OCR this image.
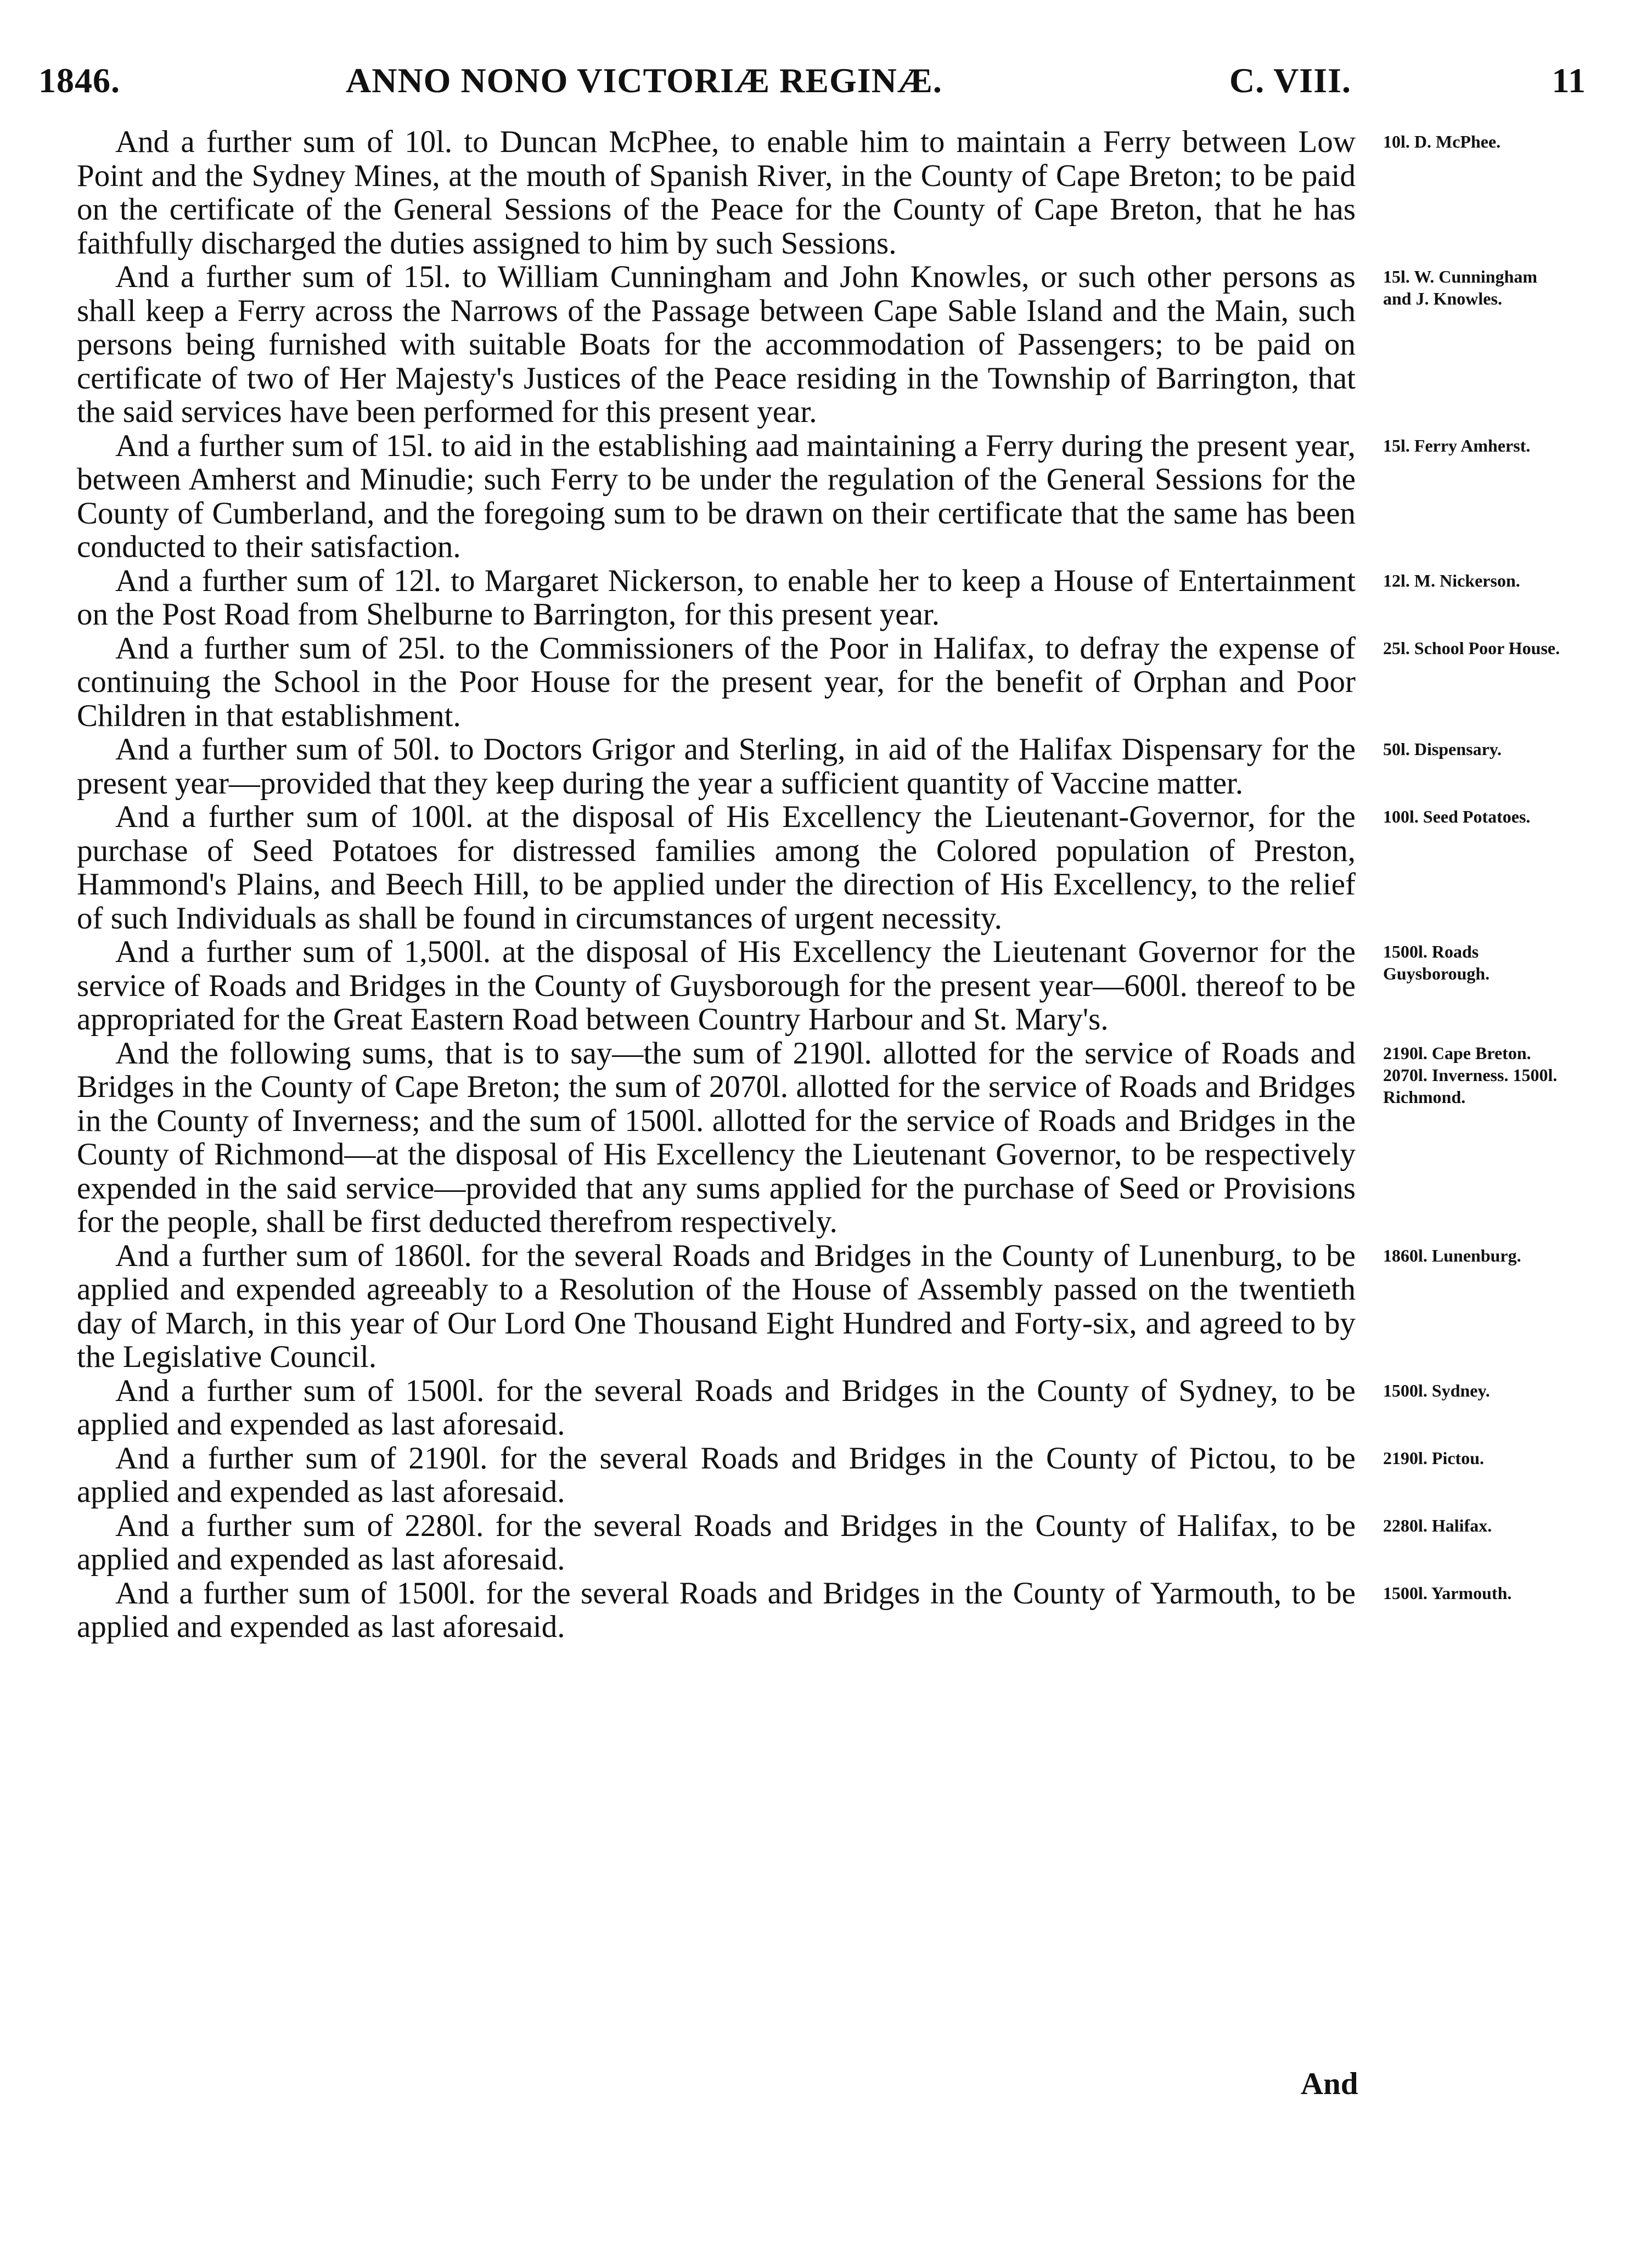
1846.	ANNO NONO VICTORIÆ REGINÆ.	C. VIII.	11

And a further sum of 10l. to Duncan McPhee, to enable him to maintain a Ferry between Low Point and the Sydney Mines, at the mouth of Spanish River, in the County of Cape Breton; to be paid on the certificate of the General Sessions of the Peace for the County of Cape Breton, that he has faithfully discharged the duties assigned to him by such Sessions.

10l. D. McPhee.

And a further sum of 15l. to William Cunningham and John Knowles, or such other persons as shall keep a Ferry across the Narrows of the Passage between Cape Sable Island and the Main, such persons being furnished with suitable Boats for the accommodation of Passengers; to be paid on certificate of two of Her Majesty's Justices of the Peace residing in the Township of Barrington, that the said services have been performed for this present year.

15l. W. Cunningham and J. Knowles.

And a further sum of 15l. to aid in the establishing aad maintaining a Ferry during the present year, between Amherst and Minudie; such Ferry to be under the regulation of the General Sessions for the County of Cumberland, and the foregoing sum to be drawn on their certificate that the same has been conducted to their satisfaction.

15l. Ferry Amherst.

And a further sum of 12l. to Margaret Nickerson, to enable her to keep a House of Entertainment on the Post Road from Shelburne to Barrington, for this present year.

12l. M. Nickerson.

And a further sum of 25l. to the Commissioners of the Poor in Halifax, to defray the expense of continuing the School in the Poor House for the present year, for the benefit of Orphan and Poor Children in that establishment.

25l. School Poor House.

And a further sum of 50l. to Doctors Grigor and Sterling, in aid of the Halifax Dispensary for the present year—provided that they keep during the year a sufficient quantity of Vaccine matter.

50l. Dispensary.

And a further sum of 100l. at the disposal of His Excellency the Lieutenant-Governor, for the purchase of Seed Potatoes for distressed families among the Colored population of Preston, Hammond's Plains, and Beech Hill, to be applied under the direction of His Excellency, to the relief of such Individuals as shall be found in circumstances of urgent necessity.

100l. Seed Potatoes.

And a further sum of 1,500l. at the disposal of His Excellency the Lieutenant Governor for the service of Roads and Bridges in the County of Guysborough for the present year—600l. thereof to be appropriated for the Great Eastern Road between Country Harbour and St. Mary's.

1500l. Roads Guysborough.

And the following sums, that is to say—the sum of 2190l. allotted for the service of Roads and Bridges in the County of Cape Breton; the sum of 2070l. allotted for the service of Roads and Bridges in the County of Inverness; and the sum of 1500l. allotted for the service of Roads and Bridges in the County of Richmond—at the disposal of His Excellency the Lieutenant Governor, to be respectively expended in the said service—provided that any sums applied for the purchase of Seed or Provisions for the people, shall be first deducted therefrom respectively.

2190l. Cape Breton. 2070l. Inverness. 1500l. Richmond.

And a further sum of 1860l. for the several Roads and Bridges in the County of Lunenburg, to be applied and expended agreeably to a Resolution of the House of Assembly passed on the twentieth day of March, in this year of Our Lord One Thousand Eight Hundred and Forty-six, and agreed to by the Legislative Council.

1860l. Lunenburg.

And a further sum of 1500l. for the several Roads and Bridges in the County of Sydney, to be applied and expended as last aforesaid.

1500l. Sydney.

And a further sum of 2190l. for the several Roads and Bridges in the County of Pictou, to be applied and expended as last aforesaid.

2190l. Pictou.

And a further sum of 2280l. for the several Roads and Bridges in the County of Halifax, to be applied and expended as last aforesaid.

2280l. Halifax.

And a further sum of 1500l. for the several Roads and Bridges in the County of Yarmouth, to be applied and expended as last aforesaid.

1500l. Yarmouth.
And
